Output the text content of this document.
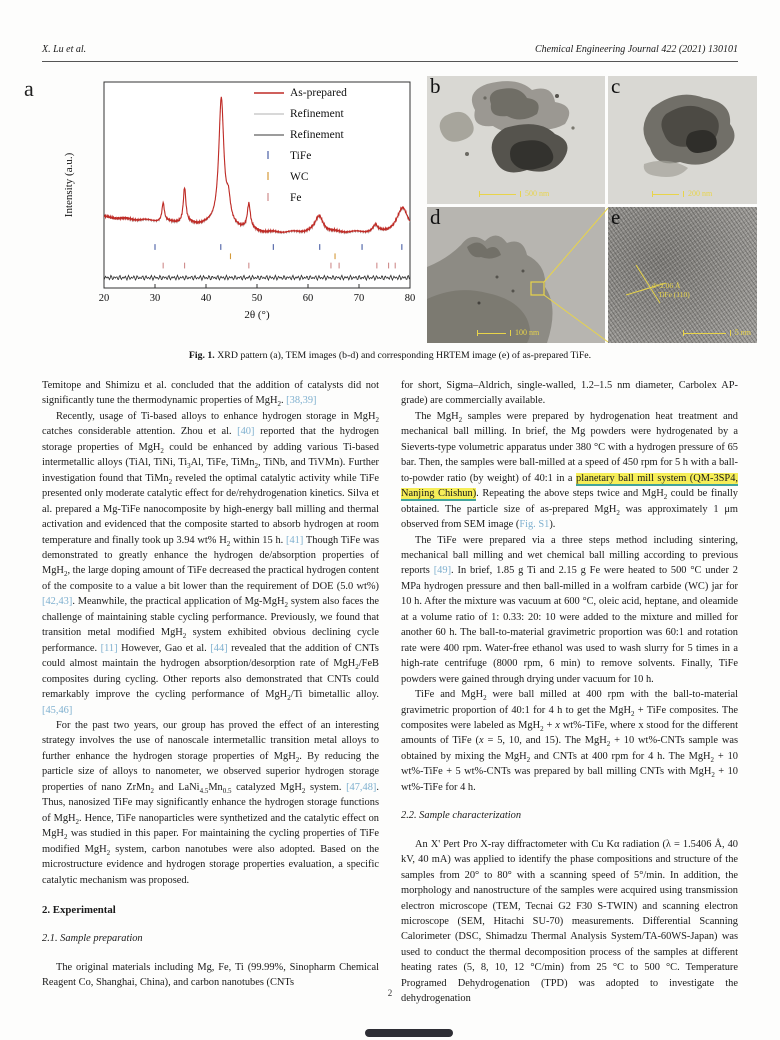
X. Lu et al.	Chemical Engineering Journal 422 (2021) 130101
a
20	30	40	50	60	70	80
2θ (°)
Intensity (a.u.)
As-prepared
Refinement
Refinement
TiFe
WC
Fe
b
500 nm
c
200 nm
d
100 nm
e
d=2.06 Å
TiFe (110)
5 nm
Fig. 1. XRD pattern (a), TEM images (b-d) and corresponding HRTEM image (e) of as-prepared TiFe.

Temitope and Shimizu et al. concluded that the addition of catalysts did not significantly tune the thermodynamic properties of MgH$_2$. [38,39]

Recently, usage of Ti-based alloys to enhance hydrogen storage in MgH$_2$ catches considerable attention. Zhou et al. [40] reported that the hydrogen storage properties of MgH$_2$ could be enhanced by adding various Ti-based intermetallic alloys (TiAl, TiNi, $Ti_3Al$, TiFe, TiMn$_2$, TiNb, and TiVMn). Further investigation found that TiMn$_2$ reveled the optimal catalytic activity while TiFe presented only moderate catalytic effect for de/rehydrogenation kinetics. Silva et al. prepared a Mg-TiFe nanocomposite by high-energy ball milling and thermal activation and evidenced that the composite started to absorb hydrogen at room temperature and finally took up 3.94 wt% $H_2$ within 15 h. [41] Though TiFe was demonstrated to greatly enhance the hydrogen de/absorption properties of MgH$_2$, the large doping amount of TiFe decreased the practical hydrogen content of the composite to a value a bit lower than the requirement of DOE (5.0 wt%) [42,43]. Meanwhile, the practical application of Mg-MgH$_2$ system also faces the challenge of maintaining stable cycling performance. Previously, we found that transition metal modified MgH$_2$ system exhibited obvious declining cycle performance. [11] However, Gao et al. [44] revealed that the addition of CNTs could almost maintain the hydrogen absorption/desorption rate of MgH$_2$/FeB composites during cycling. Other reports also demonstrated that CNTs could remarkably improve the cycling performance of MgH$_2$/Ti bimetallic alloy. [45,46]

For the past two years, our group has proved the effect of an interesting strategy involves the use of nanoscale intermetallic transition metal alloys to further enhance the hydrogen storage properties of MgH$_2$. By reducing the particle size of alloys to nanometer, we observed superior hydrogen storage properties of nano ZrMn$_2$ and $LaNi_{4.5}Mn_{0.5}$ catalyzed MgH$_2$ system. [47,48]. Thus, nanosized TiFe may significantly enhance the hydrogen storage functions of MgH$_2$. Hence, TiFe nanoparticles were synthetized and the catalytic effect on MgH$_2$ was studied in this paper. For maintaining the cycling properties of TiFe modified MgH$_2$ system, carbon nanotubes were also adopted. Based on the microstructure evidence and hydrogen storage properties evaluation, a specific catalytic mechanism was proposed.

2. Experimental
2.1. Sample preparation

The original materials including Mg, Fe, Ti (99.99%, Sinopharm Chemical Reagent Co, Shanghai, China), and carbon nanotubes (CNTs

for short, Sigma–Aldrich, single-walled, 1.2–1.5 nm diameter, Carbolex AP-grade) are commercially available.

The MgH$_2$ samples were prepared by hydrogenation heat treatment and mechanical ball milling. In brief, the Mg powders were hydrogenated by a Sieverts-type volumetric apparatus under 380 °C with a hydrogen pressure of 65 bar. Then, the samples were ball-milled at a speed of 450 rpm for 5 h with a ball-to-powder ratio (by weight) of 40:1 in a planetary ball mill system (QM-3SP4, Nanjing Chishun). Repeating the above steps twice and MgH$_2$ could be finally obtained. The particle size of as-prepared MgH$_2$ was approximately 1 μm observed from SEM image (Fig. S1).

The TiFe were prepared via a three steps method including sintering, mechanical ball milling and wet chemical ball milling according to previous reports [49]. In brief, 1.85 g Ti and 2.15 g Fe were heated to 500 °C under 2 MPa hydrogen pressure and then ball-milled in a wolfram carbide (WC) jar for 10 h. After the mixture was vacuum at 600 °C, oleic acid, heptane, and oleamide at a volume ratio of 1: 0.33: 20: 10 were added to the mixture and milled for another 60 h. The ball-to-material gravimetric proportion was 60:1 and rotation rate were 400 rpm. Water-free ethanol was used to wash slurry for 5 times in a high-rate centrifuge (8000 rpm, 6 min) to remove solvents. Finally, TiFe powders were gained through drying under vacuum for 10 h.

TiFe and MgH$_2$ were ball milled at 400 rpm with the ball-to-material gravimetric proportion of 40:1 for 4 h to get the MgH$_2$ + TiFe composites. The composites were labeled as MgH$_2$ + x wt%-TiFe, where x stood for the different amounts of TiFe (x = 5, 10, and 15). The MgH$_2$ + 10 wt%-CNTs sample was obtained by mixing the MgH$_2$ and CNTs at 400 rpm for 4 h. The MgH$_2$ + 10 wt%-TiFe + 5 wt%-CNTs was prepared by ball milling CNTs with MgH$_2$ + 10 wt%-TiFe for 4 h.

2.2. Sample characterization

An X' Pert Pro X-ray diffractometer with Cu Kα radiation (λ = 1.5406 Å, 40 kV, 40 mA) was applied to identify the phase compositions and structure of the samples from 20° to 80° with a scanning speed of 5°/min. In addition, the morphology and nanostructure of the samples were acquired using transmission electron microscope (TEM, Tecnai G2 F30 S-TWIN) and scanning electron microscope (SEM, Hitachi SU-70) measurements. Differential Scanning Calorimeter (DSC, Shimadzu Thermal Analysis System/TA-60WS-Japan) was used to conduct the thermal decomposition process of the samples at different heating rates (5, 8, 10, 12 °C/min) from 25 °C to 500 °C. Temperature Programed Dehydrogenation (TPD) was adopted to investigate the dehydrogenation

2
